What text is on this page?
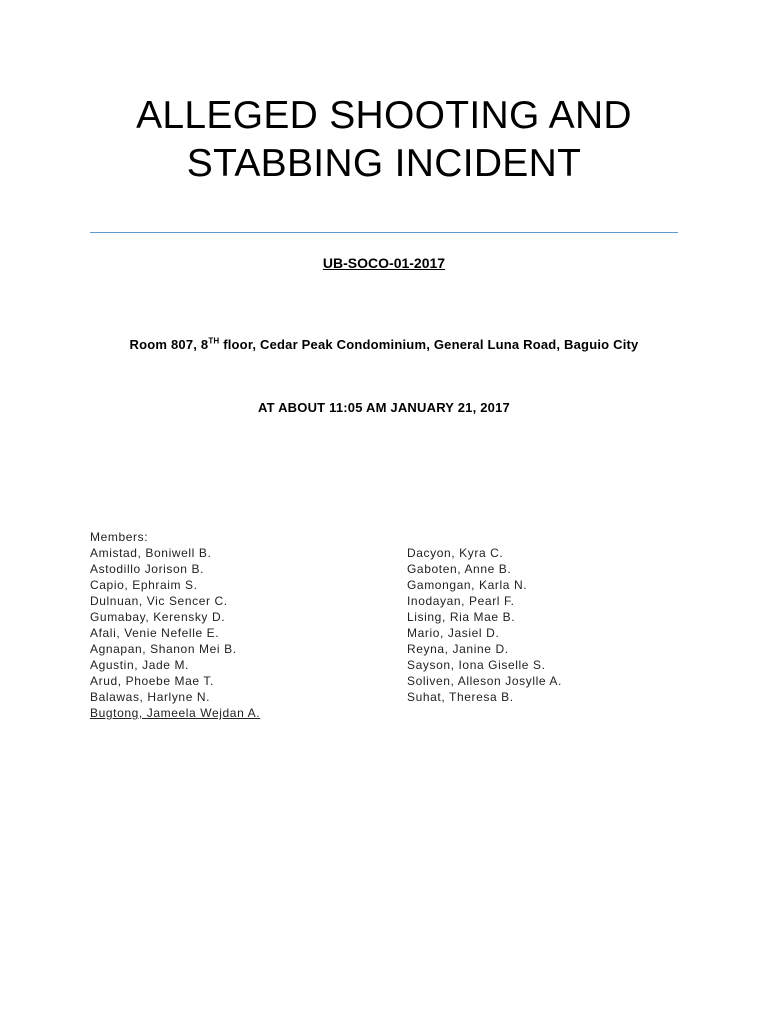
ALLEGED SHOOTING AND
STABBING INCIDENT
UB-SOCO-01-2017
Room 807, 8TH floor, Cedar Peak Condominium, General Luna Road, Baguio City
AT ABOUT 11:05 AM JANUARY 21, 2017
Members:
Amistad, Boniwell B.
Astodillo Jorison B.
Capio, Ephraim S.
Dulnuan, Vic Sencer C.
Gumabay, Kerensky D.
Afali, Venie Nefelle E.
Agnapan, Shanon Mei B.
Agustin, Jade M.
Arud, Phoebe Mae T.
Balawas, Harlyne N.
Bugtong, Jameela Wejdan A.
Dacyon, Kyra C.
Gaboten, Anne B.
Gamongan, Karla N.
Inodayan, Pearl F.
Lising, Ria Mae B.
Mario, Jasiel D.
Reyna, Janine D.
Sayson, Iona Giselle S.
Soliven, Alleson Josylle A.
Suhat, Theresa B.
